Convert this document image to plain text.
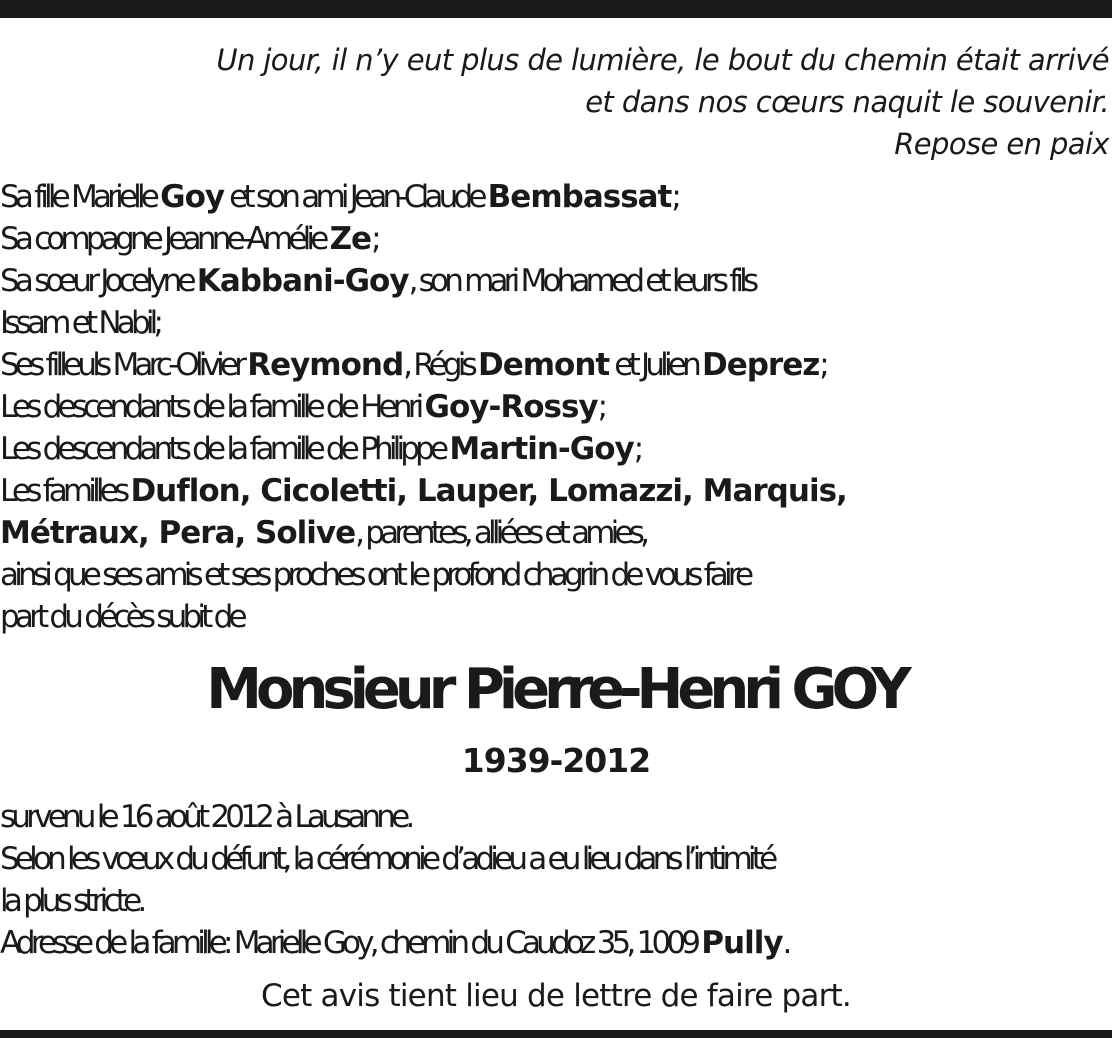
Un jour, il n’y eut plus de lumière, le bout du chemin était arrivé
et dans nos cœurs naquit le souvenir.
Repose en paix
Sa fille Marielle Goy et son ami Jean-Claude Bembassat;
Sa compagne Jeanne-Amélie Ze;
Sa sœur Jocelyne Kabbani-Goy, son mari Mohamed et leurs fils
Issam et Nabil;
Ses filleuls Marc-Olivier Reymond, Régis Demont et Julien Deprez;
Les descendants de la famille de Henri Goy-Rossy;
Les descendants de la famille de Philippe Martin-Goy;
Les familles Duflon, Cicoletti, Lauper, Lomazzi, Marquis,
Métraux, Pera, Solive, parentes, alliées et amies,
ainsi que ses amis et ses proches ont le profond chagrin de vous faire
part du décès subit de
Monsieur Pierre-Henri GOY
1939-2012
survenu le 16 août 2012 à Lausanne.
Selon les vœux du défunt, la cérémonie d’adieu a eu lieu dans l’intimité
la plus stricte.
Adresse de la famille: Marielle Goy, chemin du Caudoz 35, 1009 Pully.
Cet avis tient lieu de lettre de faire part.
